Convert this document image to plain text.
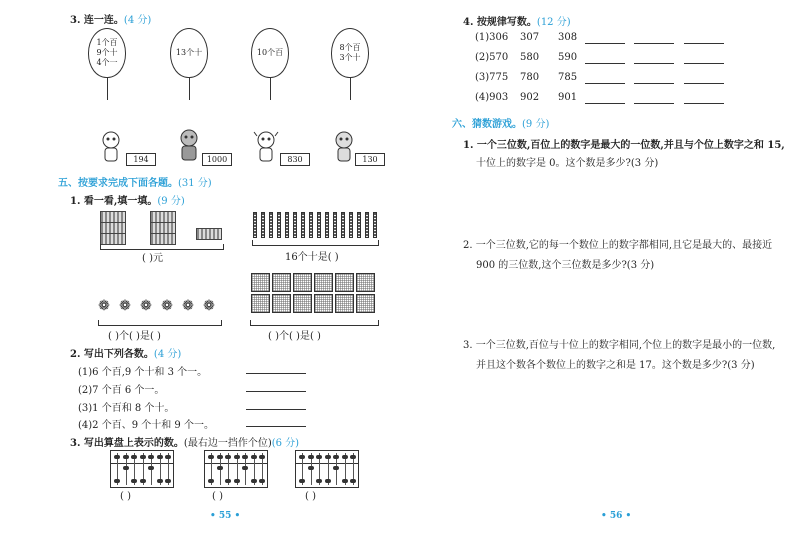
3. 连一连。(4 分)
1个百
9个十
4个一
13个十	10个百
8个百
3个十
194	1000	830	130
五、按要求完成下面各题。(31 分)
1. 看一看,填一填。(9 分)
( )元	16个十是( )
❁ ❁ ❁ ❁ ❁ ❁
( )个( )是( )	( )个( )是( )
2. 写出下列各数。(4 分)
(1)6 个百,9 个十和 3 个一。
(2)7 个百 6 个一。
(3)1 个百和 8 个十。
(4)2 个百、9 个十和 9 个一。
3. 写出算盘上表示的数。(最右边一挡作个位)(6 分)
( )	( )	( )
• 55 •
4. 按规律写数。(12 分)
(1)306 307 308
(2)570 580 590
(3)775 780 785
(4)903 902 901
六、猜数游戏。(9 分)
1. 一个三位数,百位上的数字是最大的一位数,并且与个位上数字之和 15,
十位上的数字是 0。这个数是多少?(3 分)
2. 一个三位数,它的每一个数位上的数字都相同,且它是最大的、最接近
900 的三位数,这个三位数是多少?(3 分)
3. 一个三位数,百位与十位上的数字相同,个位上的数字是最小的一位数,
并且这个数各个数位上的数字之和是 17。这个数是多少?(3 分)
• 56 •
